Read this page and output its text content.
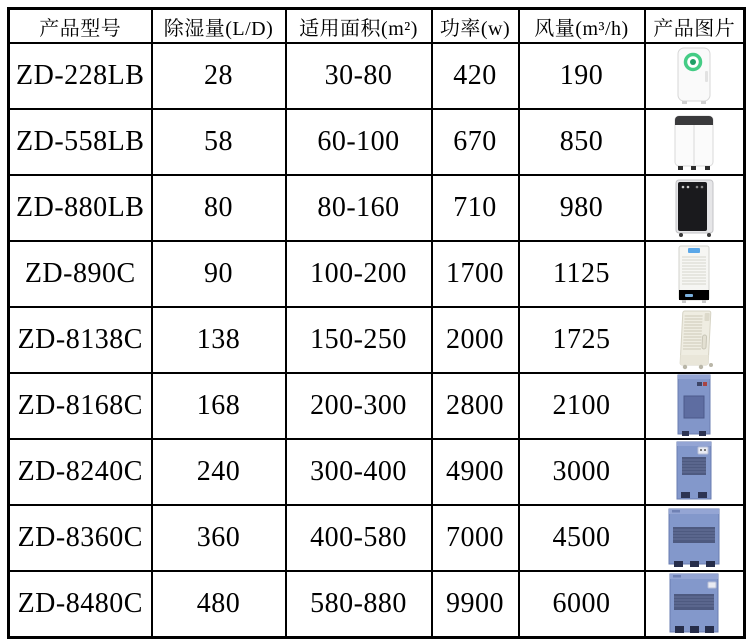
产品型号	除湿量(L/D)	适用面积(m²)	功率(w)	风量(m³/h)	产品图片
ZD-228LB	28	30-80	420	190	

ZD-558LB	58	60-100	670	850	

ZD-880LB	80	80-160	710	980	

ZD-890C	90	100-200	1700	1125	

ZD-8138C	138	150-250	2000	1725	

ZD-8168C	168	200-300	2800	2100	

ZD-8240C	240	300-400	4900	3000	

ZD-8360C	360	400-580	7000	4500	

ZD-8480C	480	580-880	9900	6000	
